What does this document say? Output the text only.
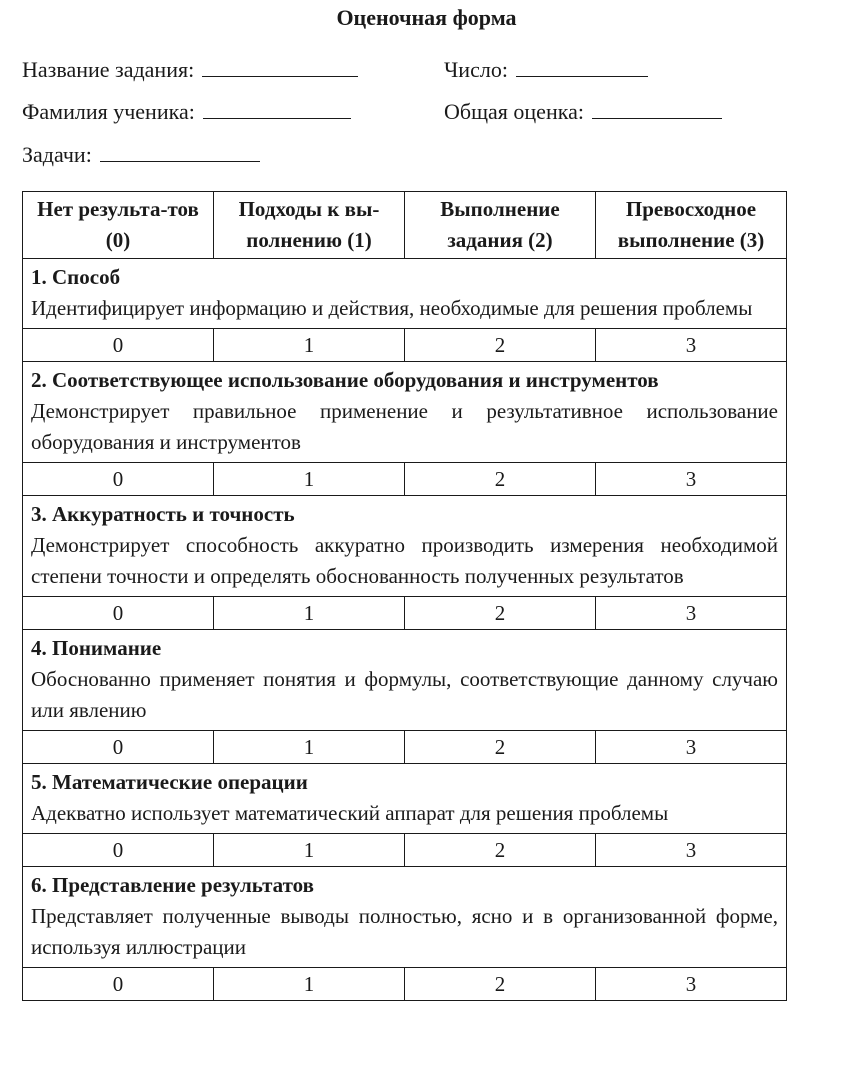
Оценочная форма
Название задания:	Число:
Фамилия ученика:	Общая оценка:
Задачи:
Нет результа-тов (0)	Подходы к вы-полнению (1)	Выполнение задания (2)	Превосходное выполнение (3)

1. Способ
Идентифицирует информацию и действия, необходимые для решения проблемы			

0	1	2	3

2. Соответствующее использование оборудования и инструментов
Демонстрирует правильное применение и результативное использование оборудования и инструментов			

0	1	2	3

3. Аккуратность и точность
Демонстрирует способность аккуратно производить измерения необходимой степени точности и определять обоснованность полученных результатов			

0	1	2	3

4. Понимание
Обоснованно применяет понятия и формулы, соответствующие данному случаю или явлению			

0	1	2	3

5. Математические операции
Адекватно использует математический аппарат для решения проблемы			

0	1	2	3

6. Представление результатов
Представляет полученные выводы полностью, ясно и в организованной форме, используя иллюстрации			

0	1	2	3
